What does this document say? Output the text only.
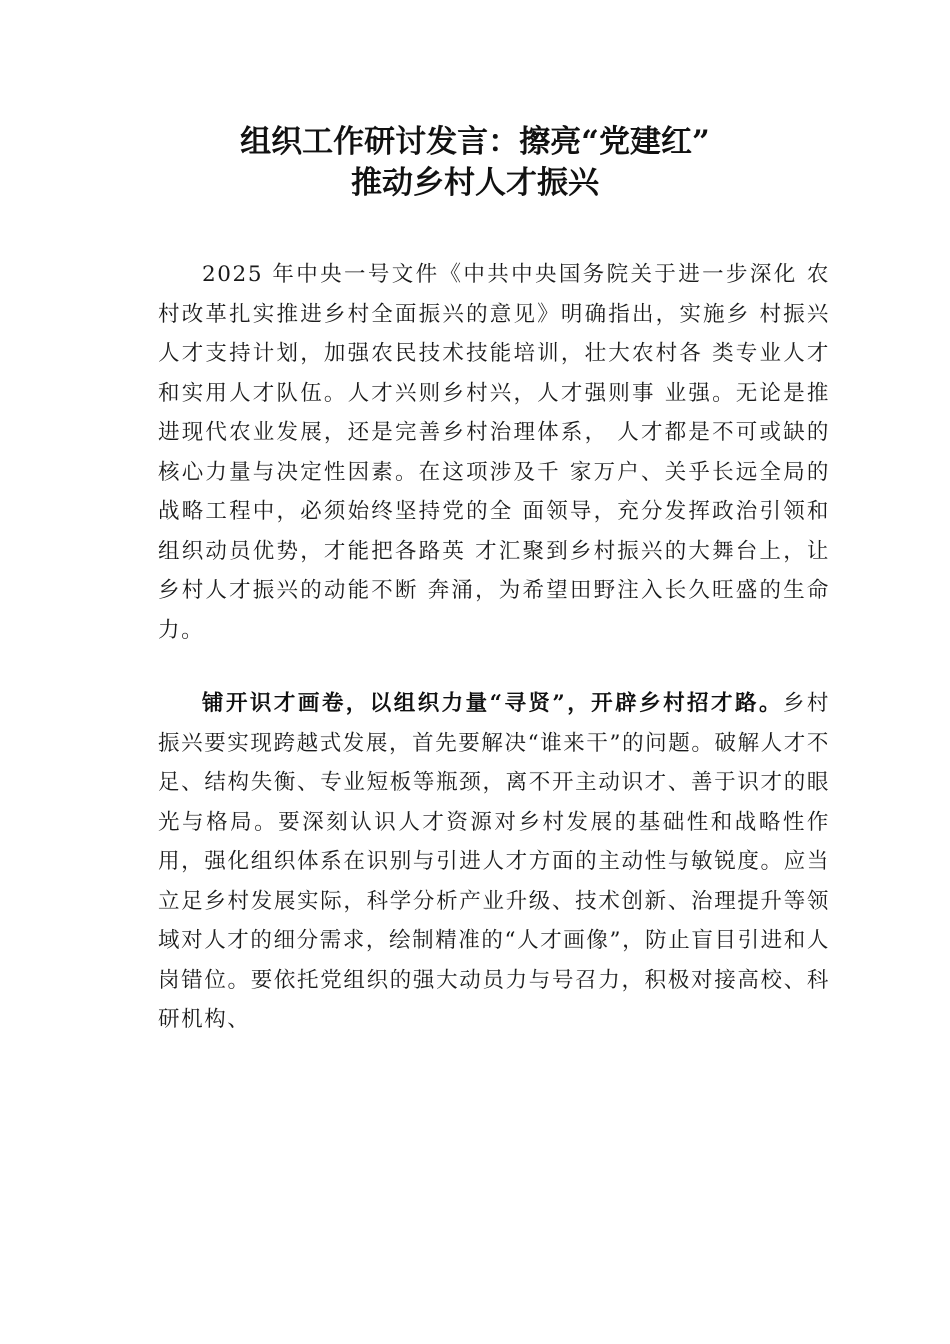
组织工作研讨发言：擦亮“党建红”
推动乡村人才振兴

2025 年中央一号文件《中共中央国务院关于进一步深化 农村改革扎实推进乡村全面振兴的意见》明确指出，实施乡 村振兴人才支持计划，加强农民技术技能培训，壮大农村各 类专业人才和实用人才队伍。人才兴则乡村兴，人才强则事 业强。无论是推进现代农业发展，还是完善乡村治理体系， 人才都是不可或缺的核心力量与决定性因素。在这项涉及千 家万户、关乎长远全局的战略工程中，必须始终坚持党的全 面领导，充分发挥政治引领和组织动员优势，才能把各路英 才汇聚到乡村振兴的大舞台上，让乡村人才振兴的动能不断 奔涌，为希望田野注入长久旺盛的生命力。

铺开识才画卷，以组织力量“寻贤”，开辟乡村招才路。乡村振兴要实现跨越式发展，首先要解决“谁来干”的问题。破解人才不足、结构失衡、专业短板等瓶颈，离不开主动识才、善于识才的眼光与格局。要深刻认识人才资源对乡村发展的基础性和战略性作用，强化组织体系在识别与引进人才方面的主动性与敏锐度。应当立足乡村发展实际，科学分析产业升级、技术创新、治理提升等领域对人才的细分需求，绘制精准的“人才画像”，防止盲目引进和人岗错位。要依托党组织的强大动员力与号召力，积极对接高校、科研机构、
